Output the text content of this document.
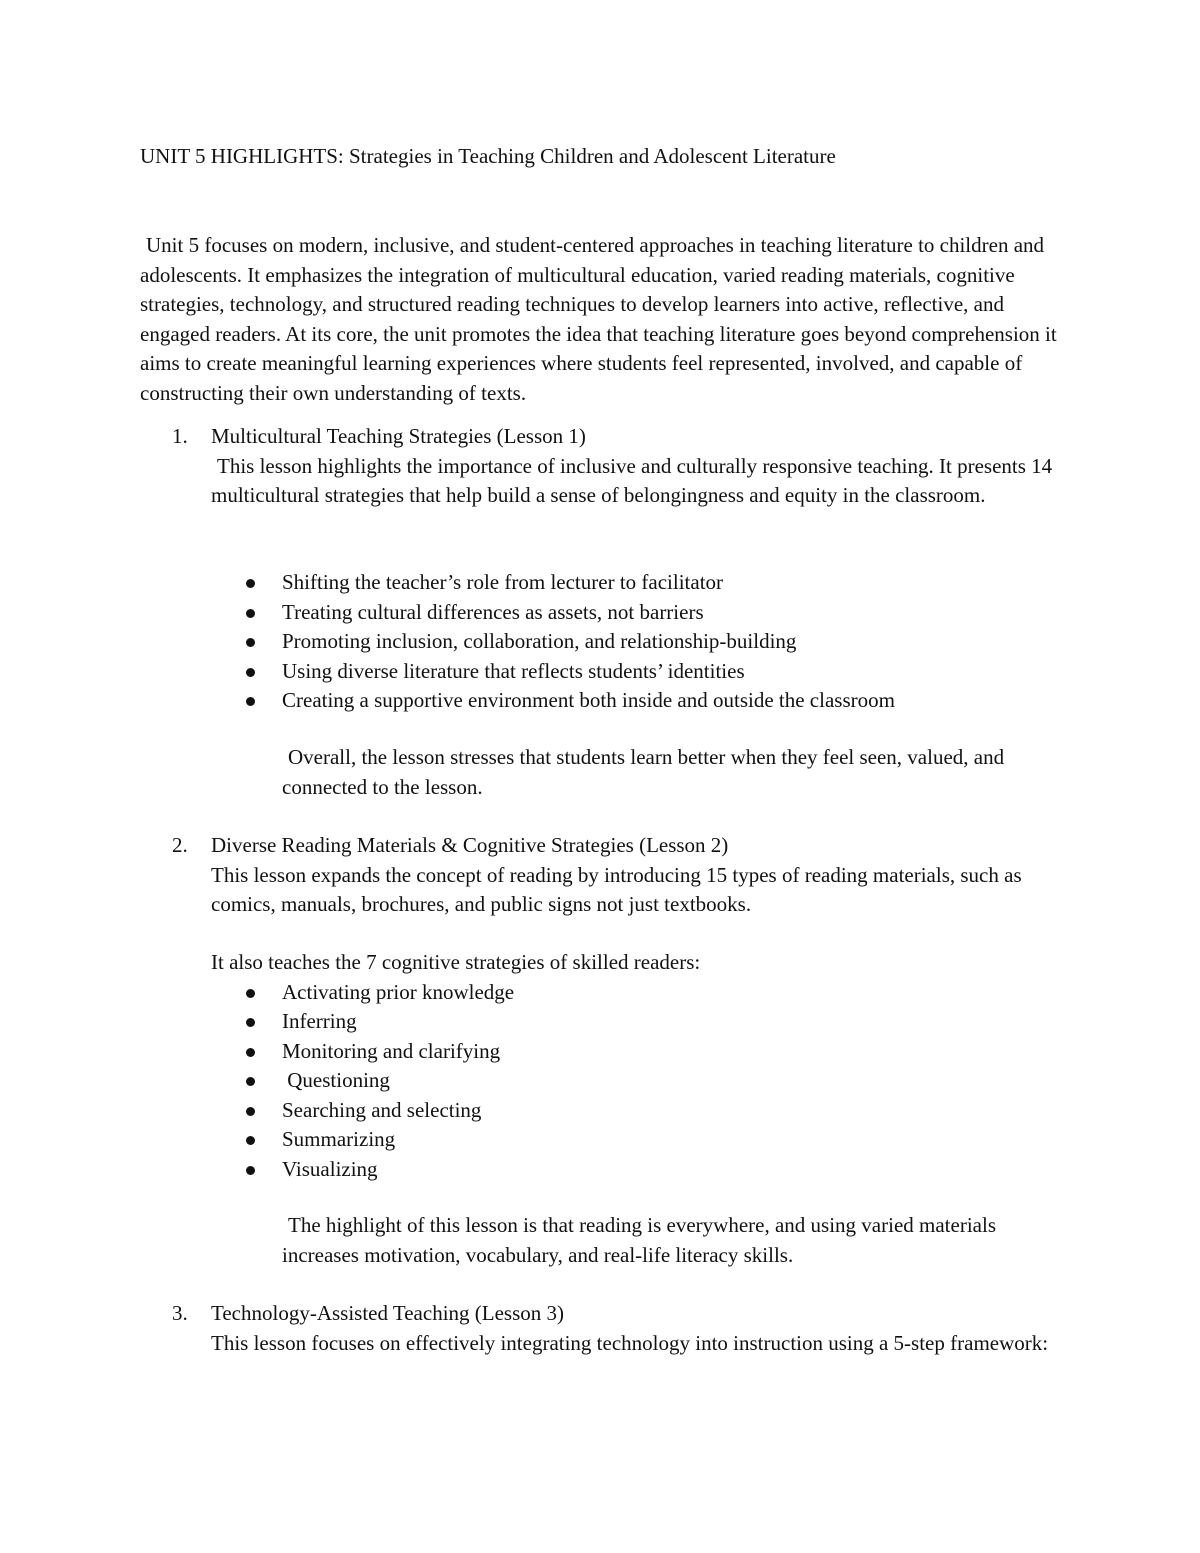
UNIT 5 HIGHLIGHTS: Strategies in Teaching Children and Adolescent Literature

Unit 5 focuses on modern, inclusive, and student-centered approaches in teaching literature to children and adolescents. It emphasizes the integration of multicultural education, varied reading materials, cognitive strategies, technology, and structured reading techniques to develop learners into active, reflective, and engaged readers. At its core, the unit promotes the idea that teaching literature goes beyond comprehension it aims to create meaningful learning experiences where students feel represented, involved, and capable of constructing their own understanding of texts.

1. Multicultural Teaching Strategies (Lesson 1)

This lesson highlights the importance of inclusive and culturally responsive teaching. It presents 14 multicultural strategies that help build a sense of belongingness and equity in the classroom.

Shifting the teacher’s role from lecturer to facilitator
Treating cultural differences as assets, not barriers
Promoting inclusion, collaboration, and relationship-building
Using diverse literature that reflects students’ identities
Creating a supportive environment both inside and outside the classroom

Overall, the lesson stresses that students learn better when they feel seen, valued, and connected to the lesson.

2. Diverse Reading Materials & Cognitive Strategies (Lesson 2)

This lesson expands the concept of reading by introducing 15 types of reading materials, such as comics, manuals, brochures, and public signs not just textbooks.

It also teaches the 7 cognitive strategies of skilled readers:

Activating prior knowledge
Inferring
Monitoring and clarifying
Questioning
Searching and selecting
Summarizing
Visualizing

The highlight of this lesson is that reading is everywhere, and using varied materials increases motivation, vocabulary, and real-life literacy skills.

3. Technology-Assisted Teaching (Lesson 3)

This lesson focuses on effectively integrating technology into instruction using a 5-step framework:
